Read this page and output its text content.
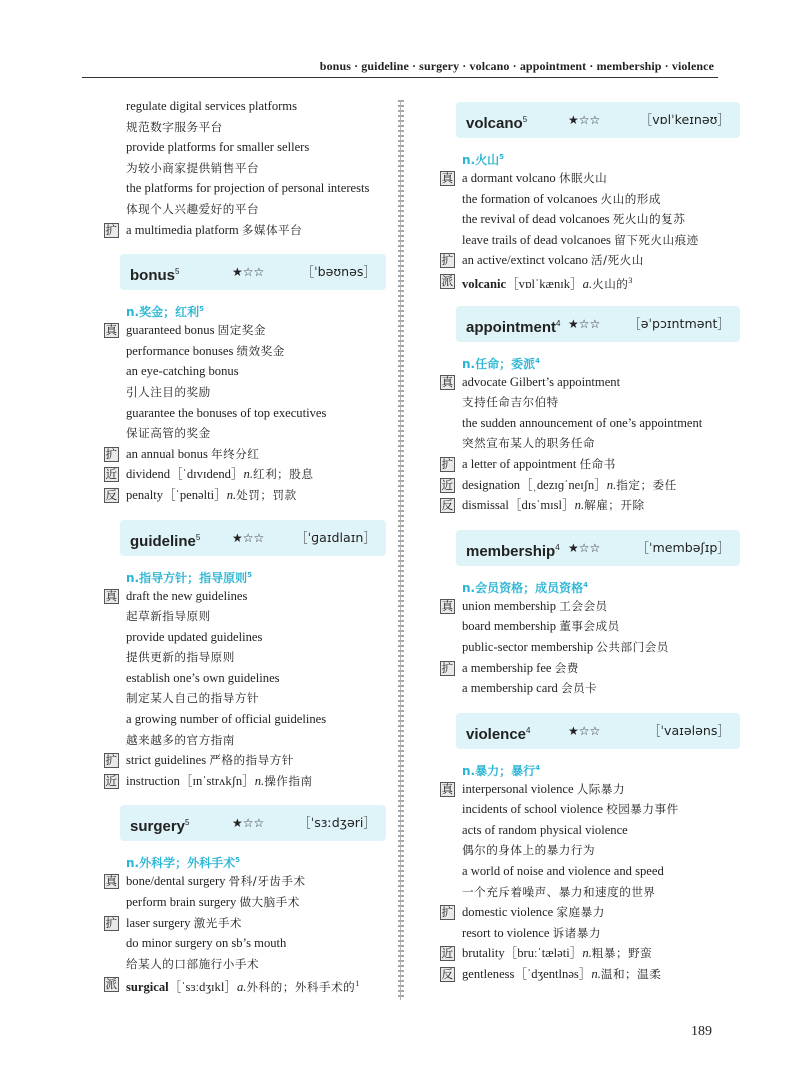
bonus · guideline · surgery · volcano · appointment · membership · violence
regulate digital services platforms
规范数字服务平台
provide platforms for smaller sellers
为较小商家提供销售平台
the platforms for projection of personal interests
体现个人兴趣爱好的平台
扩 a multimedia platform 多媒体平台
bonus$^5$	★☆☆	［ˈbəʊnəs］
n.奖金；红利$^5$
真 guaranteed bonus 固定奖金
performance bonuses 绩效奖金
an eye-catching bonus
引人注目的奖励
guarantee the bonuses of top executives
保证高管的奖金
扩 an annual bonus 年终分红
近 dividend［ˈdɪvɪdend］n.红利；股息
反 penalty［ˈpenəlti］n.处罚；罚款
guideline$^5$	★☆☆ ［ˈɡaɪdlaɪn］
n.指导方针；指导原则$^5$
真 draft the new guidelines
起草新指导原则
provide updated guidelines
提供更新的指导原则
establish one’s own guidelines
制定某人自己的指导方针
a growing number of official guidelines
越来越多的官方指南
扩 strict guidelines 严格的指导方针
近 instruction［ɪnˈstrʌkʃn］n.操作指南
surgery$^5$	★☆☆	［ˈsɜːdʒəri］
n.外科学；外科手术$^5$
真 bone/dental surgery 骨科/牙齿手术
perform brain surgery 做大脑手术
扩 laser surgery 激光手术
do minor surgery on sb’s mouth
给某人的口部施行小手术
派 surgical［ˈsɜːdʒɪkl］a.外科的；外科手术的$^1$
volcano$^5$	★☆☆	［vɒlˈkeɪnəʊ］
n.火山$^5$
真 a dormant volcano 休眠火山
the formation of volcanoes 火山的形成
the revival of dead volcanoes 死火山的复苏
leave trails of dead volcanoes 留下死火山痕迹
扩 an active/extinct volcano 活/死火山
派 volcanic［vɒlˈkænɪk］a.火山的$^3$
appointment$^4$ ★☆☆ ［əˈpɔɪntmənt］
n.任命；委派$^4$
真 advocate Gilbert’s appointment
支持任命吉尔伯特
the sudden announcement of one’s appointment
突然宣布某人的职务任命
扩 a letter of appointment 任命书
近 designation［ˌdezɪɡˈneɪʃn］n.指定；委任
反 dismissal［dɪsˈmɪsl］n.解雇；开除
membership$^4$ ★☆☆	［ˈmembəʃɪp］
n.会员资格；成员资格$^4$
真 union membership 工会会员
board membership 董事会成员
public-sector membership 公共部门会员
扩 a membership fee 会费
a membership card 会员卡
violence$^4$	★☆☆	［ˈvaɪələns］
n.暴力；暴行$^4$
真 interpersonal violence 人际暴力
incidents of school violence 校园暴力事件
acts of random physical violence
偶尔的身体上的暴力行为
a world of noise and violence and speed
一个充斥着噪声、暴力和速度的世界
扩 domestic violence 家庭暴力
resort to violence 诉诸暴力
近 brutality［bruːˈtæləti］n.粗暴；野蛮
反 gentleness［ˈdʒentlnəs］n.温和；温柔
189
